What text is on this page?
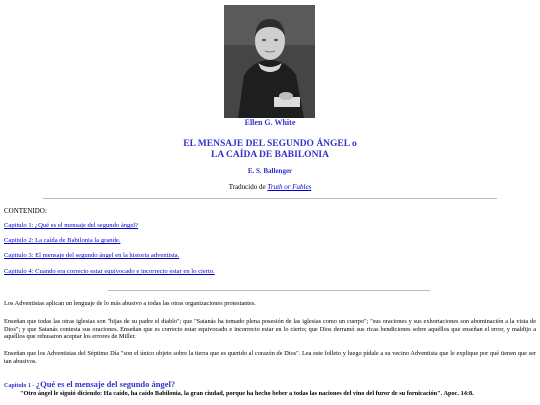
Ellen G. White
EL MENSAJE DEL SEGUNDO ÁNGEL o
LA CAÍDA DE BABILONIA
E. S. Ballenger
Traducido de Truth or Fables
CONTENIDO:
Capitulo 1: ¿Qué es el mensaje del segundo ángel?
Capitulo 2: La caída de Babilonia la grande.
Capitulo 3: El mensaje del segundo ángel en la historia adventista.
Capitulo 4: Cuando era correcto estar equivocado e incorrecto estar en lo cierto.
Los Adventistas aplican un lenguaje de lo más abusivo a todas las otras organizaciones protestantes.
Enseñan que todas las otras iglesias son "hijas de su padre el diablo"; que "Satanás ha tomado plena posesión de las iglesias como un cuerpo"; "sus oraciones y sus exhortaciones son abominación a la vista de Dios"; y que Satanás contesta sus oraciones. Enseñan que es correcto estar equivocado e incorrecto estar en lo cierto; que Dios derramó sus ricas bendiciones sobre aquéllos que enseñan el error, y maldijo a aquéllos que rehusaron aceptar los errores de Miller.
Enseñan que los Adventistas del Séptimo Día "son el único objeto sobre la tierra que es querido al corazón de Dios". Lea este folleto y luego pídale a su vecino Adventista que le explique por qué tienen que ser tan abusivos.
Capitulo 1 - ¿Qué es el mensaje del segundo ángel?
"Otro ángel le siguió diciendo: Ha caído, ha caído Babilonia, la gran ciudad, porque ha hecho beber a todas las naciones del vino del furor de su fornicación". Apoc. 14:8.
